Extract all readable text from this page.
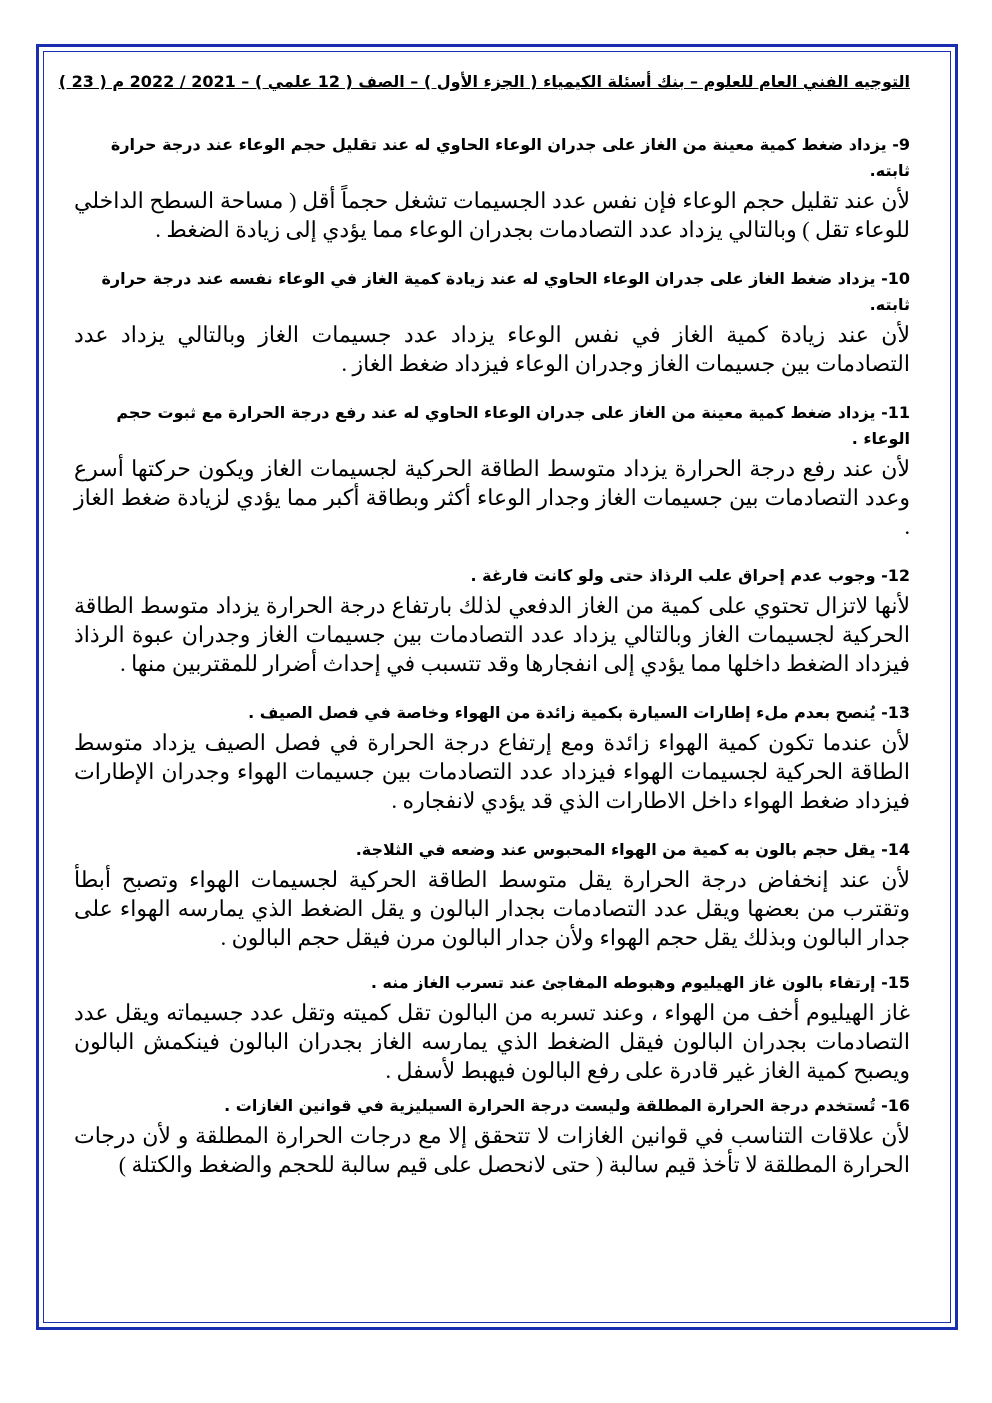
التوجيه الفني العام للعلوم – بنك أسئلة الكيمياء ( الجزء الأول ) – الصف ( 12 علمي ) – 2021 / 2022 م ( 23 )

9- يزداد ضغط كمية معينة من الغاز على جدران الوعاء الحاوي له عند تقليل حجم الوعاء عند درجة حرارة ثابته.

لأن عند تقليل حجم الوعاء فإن نفس عدد الجسيمات تشغل حجماً أقل ( مساحة السطح الداخلي للوعاء تقل ) وبالتالي يزداد عدد التصادمات بجدران الوعاء مما يؤدي إلى زيادة الضغط .

10- يزداد ضغط الغاز على جدران الوعاء الحاوي له عند زيادة كمية الغاز في الوعاء نفسه عند درجة حرارة ثابته.

لأن عند زيادة كمية الغاز في نفس الوعاء يزداد عدد جسيمات الغاز وبالتالي يزداد عدد التصادمات بين جسيمات الغاز وجدران الوعاء فيزداد ضغط الغاز .

11- يزداد ضغط كمية معينة من الغاز على جدران الوعاء الحاوي له عند رفع درجة الحرارة مع ثبوت حجم الوعاء .

لأن عند رفع درجة الحرارة يزداد متوسط الطاقة الحركية لجسيمات الغاز ويكون حركتها أسرع وعدد التصادمات بين جسيمات الغاز وجدار الوعاء أكثر وبطاقة أكبر مما يؤدي لزيادة ضغط الغاز .

12- وجوب عدم إحراق علب الرذاذ حتى ولو كانت فارغة .

لأنها لاتزال تحتوي على كمية من الغاز الدفعي لذلك بارتفاع درجة الحرارة يزداد متوسط الطاقة الحركية لجسيمات الغاز وبالتالي يزداد عدد التصادمات بين جسيمات الغاز وجدران عبوة الرذاذ فيزداد الضغط داخلها مما يؤدي إلى انفجارها وقد تتسبب في إحداث أضرار للمقتربين منها .

13- يُنصح بعدم ملء إطارات السيارة بكمية زائدة من الهواء وخاصة في فصل الصيف .

لأن عندما تكون كمية الهواء زائدة ومع إرتفاع درجة الحرارة في فصل الصيف يزداد متوسط الطاقة الحركية لجسيمات الهواء فيزداد عدد التصادمات بين جسيمات الهواء وجدران الإطارات فيزداد ضغط الهواء داخل الاطارات الذي قد يؤدي لانفجاره .

14- يقل حجم بالون به كمية من الهواء المحبوس عند وضعه في الثلاجة.

لأن عند إنخفاض درجة الحرارة يقل متوسط الطاقة الحركية لجسيمات الهواء وتصبح أبطأ وتقترب من بعضها ويقل عدد التصادمات بجدار البالون و يقل الضغط الذي يمارسه الهواء على جدار البالون وبذلك يقل حجم الهواء ولأن جدار البالون مرن فيقل حجم البالون .

15- إرتفاء بالون غاز الهيليوم وهبوطه المفاجئ عند تسرب الغاز منه .

غاز الهيليوم أخف من الهواء ، وعند تسربه من البالون تقل كميته وتقل عدد جسيماته ويقل عدد التصادمات بجدران البالون فيقل الضغط الذي يمارسه الغاز بجدران البالون فينكمش البالون ويصبح كمية الغاز غير قادرة على رفع البالون فيهبط لأسفل .

16- تُستخدم درجة الحرارة المطلقة وليست درجة الحرارة السيليزية في قوانين الغازات .

لأن علاقات التناسب في قوانين الغازات لا تتحقق إلا مع درجات الحرارة المطلقة و لأن درجات الحرارة المطلقة لا تأخذ قيم سالبة ( حتى لانحصل على قيم سالبة للحجم والضغط والكتلة )
